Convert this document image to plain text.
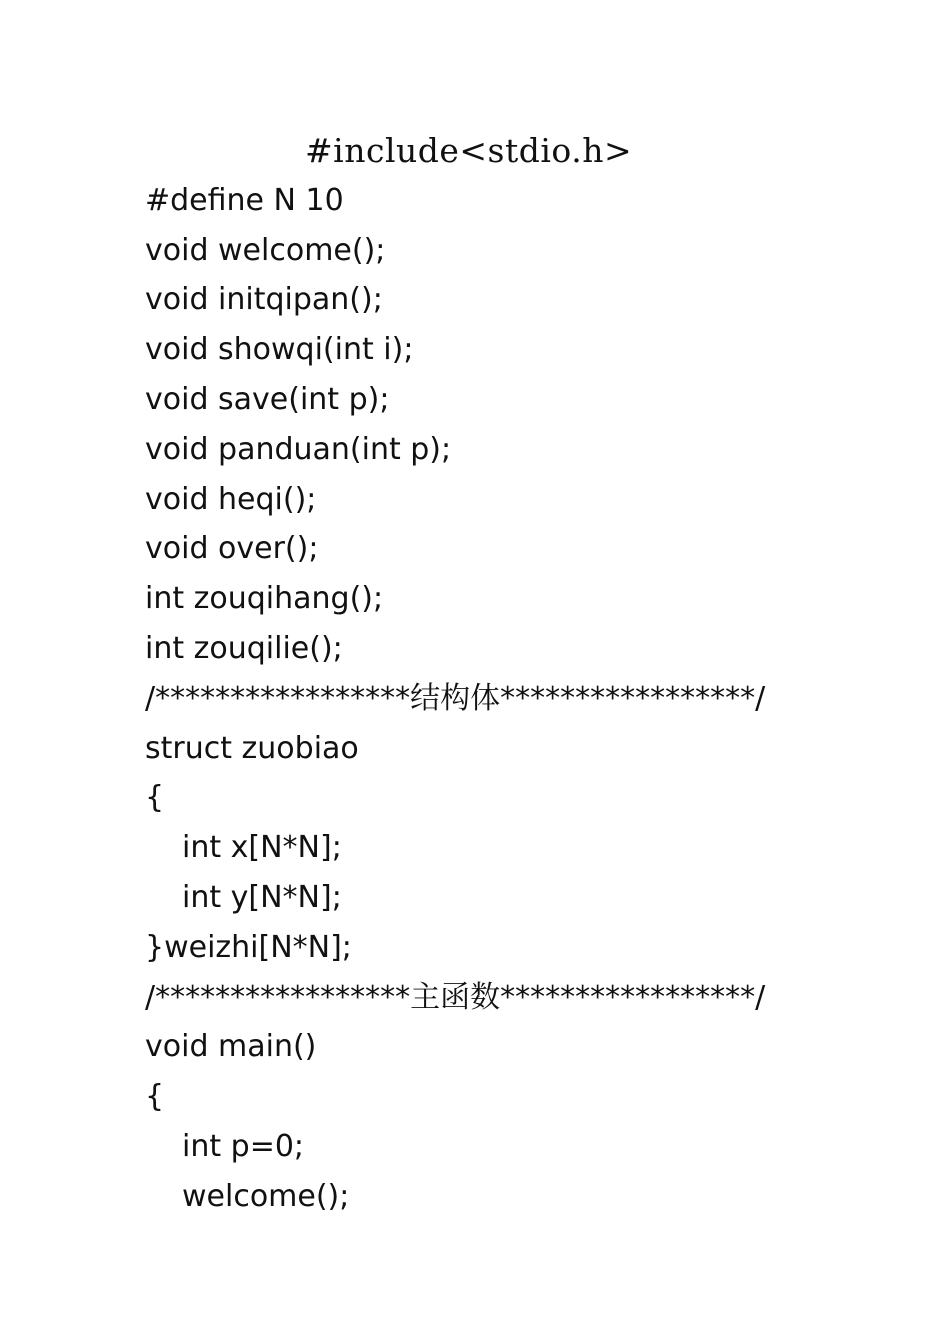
#include<stdio.h>
#define N 10
void welcome();
void initqipan();
void showqi(int i);
void save(int p);
void panduan(int p);
void heqi();
void over();
int zouqihang();
int zouqilie();
/*****************结构体*****************/
struct zuobiao
{
int x[N*N];
int y[N*N];
}weizhi[N*N];
/*****************主函数*****************/
void main()
{
int p=0;
welcome();
